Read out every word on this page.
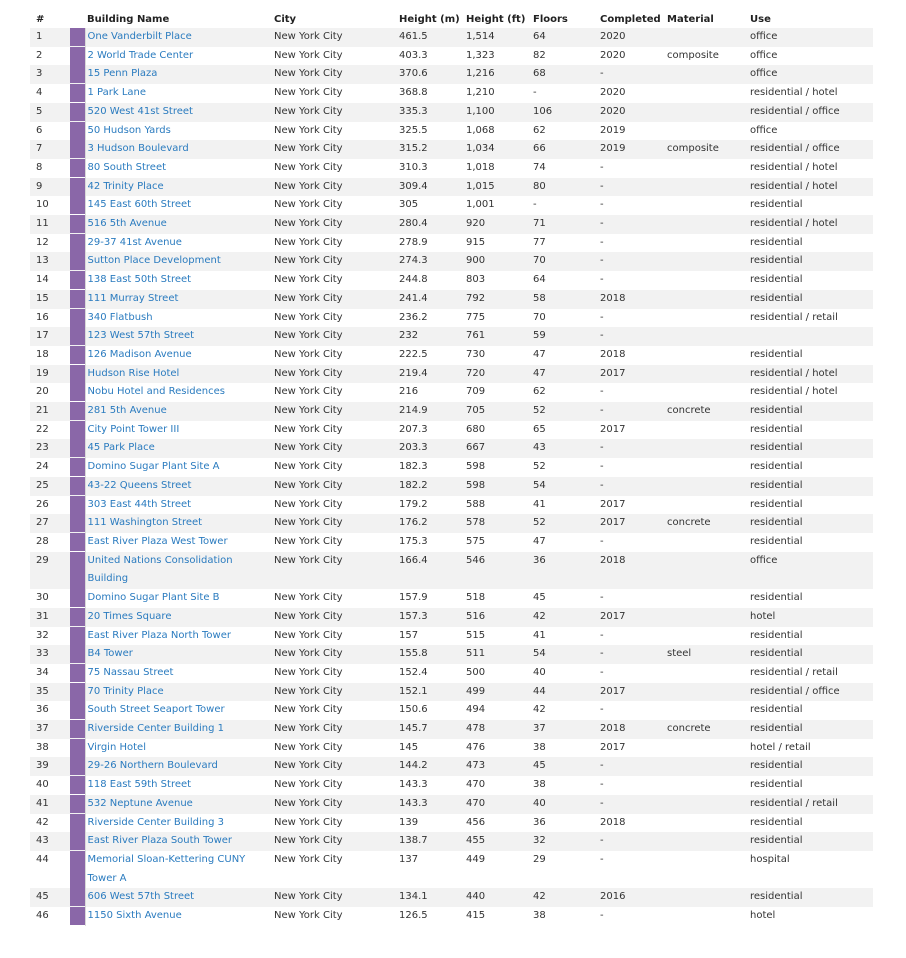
#		Building Name	City	Height (m)	Height (ft)	Floors	Completed	Material	Use
1		One Vanderbilt Place	New York City	461.5	1,514	64	2020		office
2		2 World Trade Center	New York City	403.3	1,323	82	2020	composite	office
3		15 Penn Plaza	New York City	370.6	1,216	68	-		office
4		1 Park Lane	New York City	368.8	1,210	-	2020		residential / hotel
5		520 West 41st Street	New York City	335.3	1,100	106	2020		residential / office
6		50 Hudson Yards	New York City	325.5	1,068	62	2019		office
7		3 Hudson Boulevard	New York City	315.2	1,034	66	2019	composite	residential / office
8		80 South Street	New York City	310.3	1,018	74	-		residential / hotel
9		42 Trinity Place	New York City	309.4	1,015	80	-		residential / hotel
10		145 East 60th Street	New York City	305	1,001	-	-		residential
11		516 5th Avenue	New York City	280.4	920	71	-		residential / hotel
12		29-37 41st Avenue	New York City	278.9	915	77	-		residential
13		Sutton Place Development	New York City	274.3	900	70	-		residential
14		138 East 50th Street	New York City	244.8	803	64	-		residential
15		111 Murray Street	New York City	241.4	792	58	2018		residential
16		340 Flatbush	New York City	236.2	775	70	-		residential / retail
17		123 West 57th Street	New York City	232	761	59	-		
18		126 Madison Avenue	New York City	222.5	730	47	2018		residential
19		Hudson Rise Hotel	New York City	219.4	720	47	2017		residential / hotel
20		Nobu Hotel and Residences	New York City	216	709	62	-		residential / hotel
21		281 5th Avenue	New York City	214.9	705	52	-	concrete	residential
22		City Point Tower III	New York City	207.3	680	65	2017		residential
23		45 Park Place	New York City	203.3	667	43	-		residential
24		Domino Sugar Plant Site A	New York City	182.3	598	52	-		residential
25		43-22 Queens Street	New York City	182.2	598	54	-		residential
26		303 East 44th Street	New York City	179.2	588	41	2017		residential
27		111 Washington Street	New York City	176.2	578	52	2017	concrete	residential
28		East River Plaza West Tower	New York City	175.3	575	47	-		residential
29		United Nations Consolidation Building	New York City	166.4	546	36	2018		office
30		Domino Sugar Plant Site B	New York City	157.9	518	45	-		residential
31		20 Times Square	New York City	157.3	516	42	2017		hotel
32		East River Plaza North Tower	New York City	157	515	41	-		residential
33		B4 Tower	New York City	155.8	511	54	-	steel	residential
34		75 Nassau Street	New York City	152.4	500	40	-		residential / retail
35		70 Trinity Place	New York City	152.1	499	44	2017		residential / office
36		South Street Seaport Tower	New York City	150.6	494	42	-		residential
37		Riverside Center Building 1	New York City	145.7	478	37	2018	concrete	residential
38		Virgin Hotel	New York City	145	476	38	2017		hotel / retail
39		29-26 Northern Boulevard	New York City	144.2	473	45	-		residential
40		118 East 59th Street	New York City	143.3	470	38	-		residential
41		532 Neptune Avenue	New York City	143.3	470	40	-		residential / retail
42		Riverside Center Building 3	New York City	139	456	36	2018		residential
43		East River Plaza South Tower	New York City	138.7	455	32	-		residential
44		Memorial Sloan-Kettering CUNY Tower A	New York City	137	449	29	-		hospital
45		606 West 57th Street	New York City	134.1	440	42	2016		residential
46		1150 Sixth Avenue	New York City	126.5	415	38	-		hotel
